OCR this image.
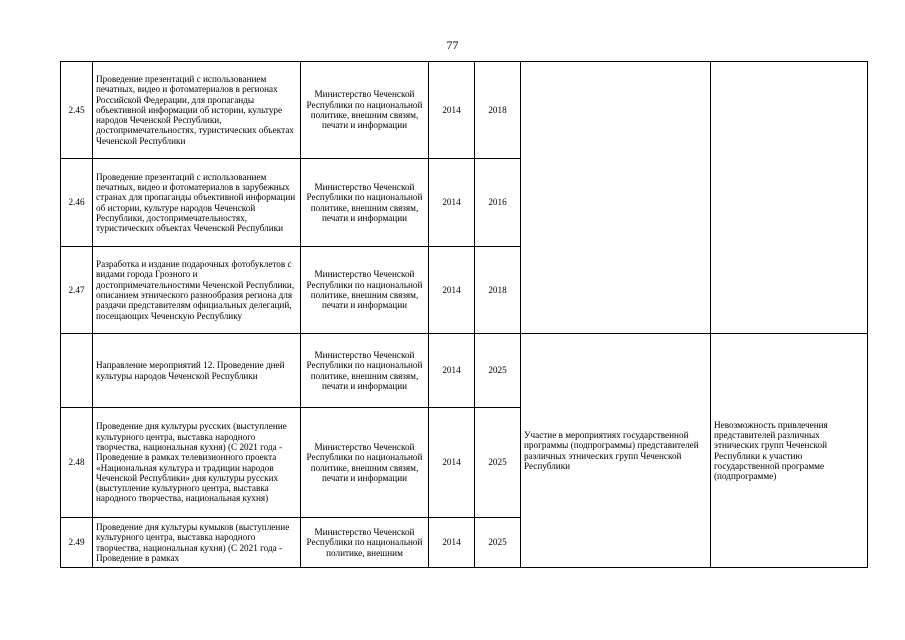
77
2.45	Проведение презентаций с использованием печатных, видео и фотоматериалов в регионах Российской Федерации, для пропаганды объективной информации об истории, культуре народов Чеченской Республики, достопримечательностях, туристических объектах Чеченской Республики	Министерство Чеченской Республики по национальной политике, внешним связям, печати и информации	2014	2018		
2.46	Проведение презентаций с использованием печатных, видео и фотоматериалов в зарубежных странах для пропаганды объективной информации об истории, культуре народов Чеченской Республики, достопримечательностях, туристических объектах Чеченской Республики	Министерство Чеченской Республики по национальной политике, внешним связям, печати и информации	2014	2016		
2.47	Разработка и издание подарочных фотобуклетов с видами города Грозного и достопримечательностями Чеченской Республики, описанием этнического разнообразия региона для раздачи представителям официальных делегаций, посещающих Чеченскую Республику	Министерство Чеченской Республики по национальной политике, внешним связям, печати и информации	2014	2018		
	Направление мероприятий 12. Проведение дней культуры народов Чеченской Республики	Министерство Чеченской Республики по национальной политике, внешним связям, печати и информации	2014	2025	Участие в мероприятиях государственной программы (подпрограммы) представителей различных этнических групп Чеченской Республики	Невозможность привлечения представителей различных этнических групп Чеченской Республики к участию государственной программе (подпрограмме)
2.48	Проведение дня культуры русских (выступление культурного центра, выставка народного творчества, национальная кухня) (С 2021 года - Проведение в рамках телевизионного проекта «Национальная культура и традиции народов Чеченской Республики» дня культуры русских (выступление культурного центра, выставка народного творчества, национальная кухня)	Министерство Чеченской Республики по национальной политике, внешним связям, печати и информации	2014	2025		
2.49	Проведение дня культуры кумыков (выступление культурного центра, выставка народного творчества, национальная кухня) (С 2021 года - Проведение в рамках	Министерство Чеченской Республики по национальной политике, внешним	2014	2025		
